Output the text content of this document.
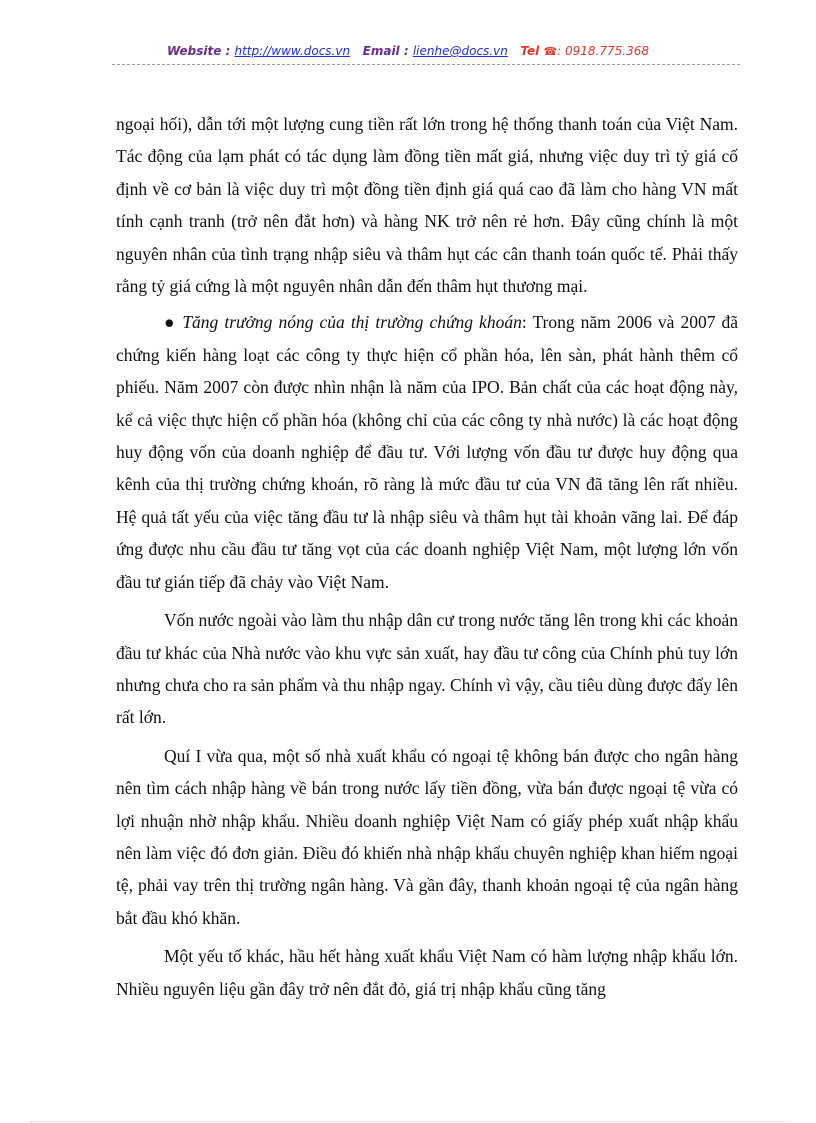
Website : http://www.docs.vn Email : lienhe@docs.vn Tel ☎: 0918.775.368

ngoại hối), dẫn tới một lượng cung tiền rất lớn trong hệ thống thanh toán của Việt Nam. Tác động của lạm phát có tác dụng làm đồng tiền mất giá, nhưng việc duy trì tỷ giá cố định về cơ bản là việc duy trì một đồng tiền định giá quá cao đã làm cho hàng VN mất tính cạnh tranh (trở nên đắt hơn) và hàng NK trở nên rẻ hơn. Đây cũng chính là một nguyên nhân của tình trạng nhập siêu và thâm hụt các cân thanh toán quốc tế. Phải thấy rằng tỷ giá cứng là một nguyên nhân dẫn đến thâm hụt thương mại.

● Tăng trưởng nóng của thị trường chứng khoán: Trong năm 2006 và 2007 đã chứng kiến hàng loạt các công ty thực hiện cổ phần hóa, lên sàn, phát hành thêm cổ phiếu. Năm 2007 còn được nhìn nhận là năm của IPO. Bản chất của các hoạt động này, kể cả việc thực hiện cổ phần hóa (không chỉ của các công ty nhà nước) là các hoạt động huy động vốn của doanh nghiệp để đầu tư. Với lượng vốn đầu tư được huy động qua kênh của thị trường chứng khoán, rõ ràng là mức đầu tư của VN đã tăng lên rất nhiều. Hệ quả tất yếu của việc tăng đầu tư là nhập siêu và thâm hụt tài khoản vãng lai. Để đáp ứng được nhu cầu đầu tư tăng vọt của các doanh nghiệp Việt Nam, một lượng lớn vốn đầu tư gián tiếp đã chảy vào Việt Nam.

Vốn nước ngoài vào làm thu nhập dân cư trong nước tăng lên trong khi các khoản đầu tư khác của Nhà nước vào khu vực sản xuất, hay đầu tư công của Chính phủ tuy lớn nhưng chưa cho ra sản phẩm và thu nhập ngay. Chính vì vậy, cầu tiêu dùng được đẩy lên rất lớn.

Quí I vừa qua, một số nhà xuất khẩu có ngoại tệ không bán được cho ngân hàng nên tìm cách nhập hàng về bán trong nước lấy tiền đồng, vừa bán được ngoại tệ vừa có lợi nhuận nhờ nhập khẩu. Nhiều doanh nghiệp Việt Nam có giấy phép xuất nhập khẩu nên làm việc đó đơn giản. Điều đó khiến nhà nhập khẩu chuyên nghiệp khan hiếm ngoại tệ, phải vay trên thị trường ngân hàng. Và gần đây, thanh khoản ngoại tệ của ngân hàng bắt đầu khó khăn.

Một yếu tố khác, hầu hết hàng xuất khẩu Việt Nam có hàm lượng nhập khẩu lớn. Nhiều nguyên liệu gần đây trở nên đắt đỏ, giá trị nhập khẩu cũng tăng
